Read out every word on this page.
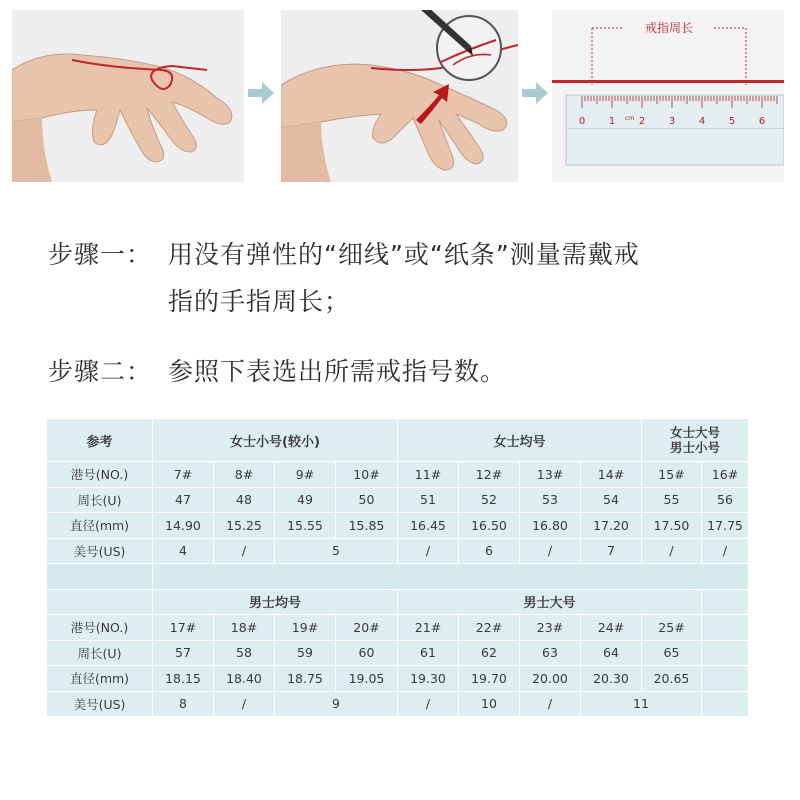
戒指周长
0 1 2 3 4 5 6
cm
步骤一： 用没有弹性的“细线”或“纸条”测量需戴戒
指的手指周长；
步骤二： 参照下表选出所需戒指号数。
参考	女士小号(较小)				女士均号				女士大号
男士小号	

港号(NO.)	7#	8#	9#	10#	11#	12#	13#	14#	15#	16#
周长(U)	47	48	49	50	51	52	53	54	55	56
直径(mm)	14.90	15.25	15.55	15.85	16.45	16.50	16.80	17.20	17.50	17.75
美号(US)	4	/	5		/	6	/	7	/	/

	男士均号				男士大号					
港号(NO.)	17#	18#	19#	20#	21#	22#	23#	24#	25#	
周长(U)	57	58	59	60	61	62	63	64	65	
直径(mm)	18.15	18.40	18.75	19.05	19.30	19.70	20.00	20.30	20.65	
美号(US)	8	/	9		/	10	/	11		
